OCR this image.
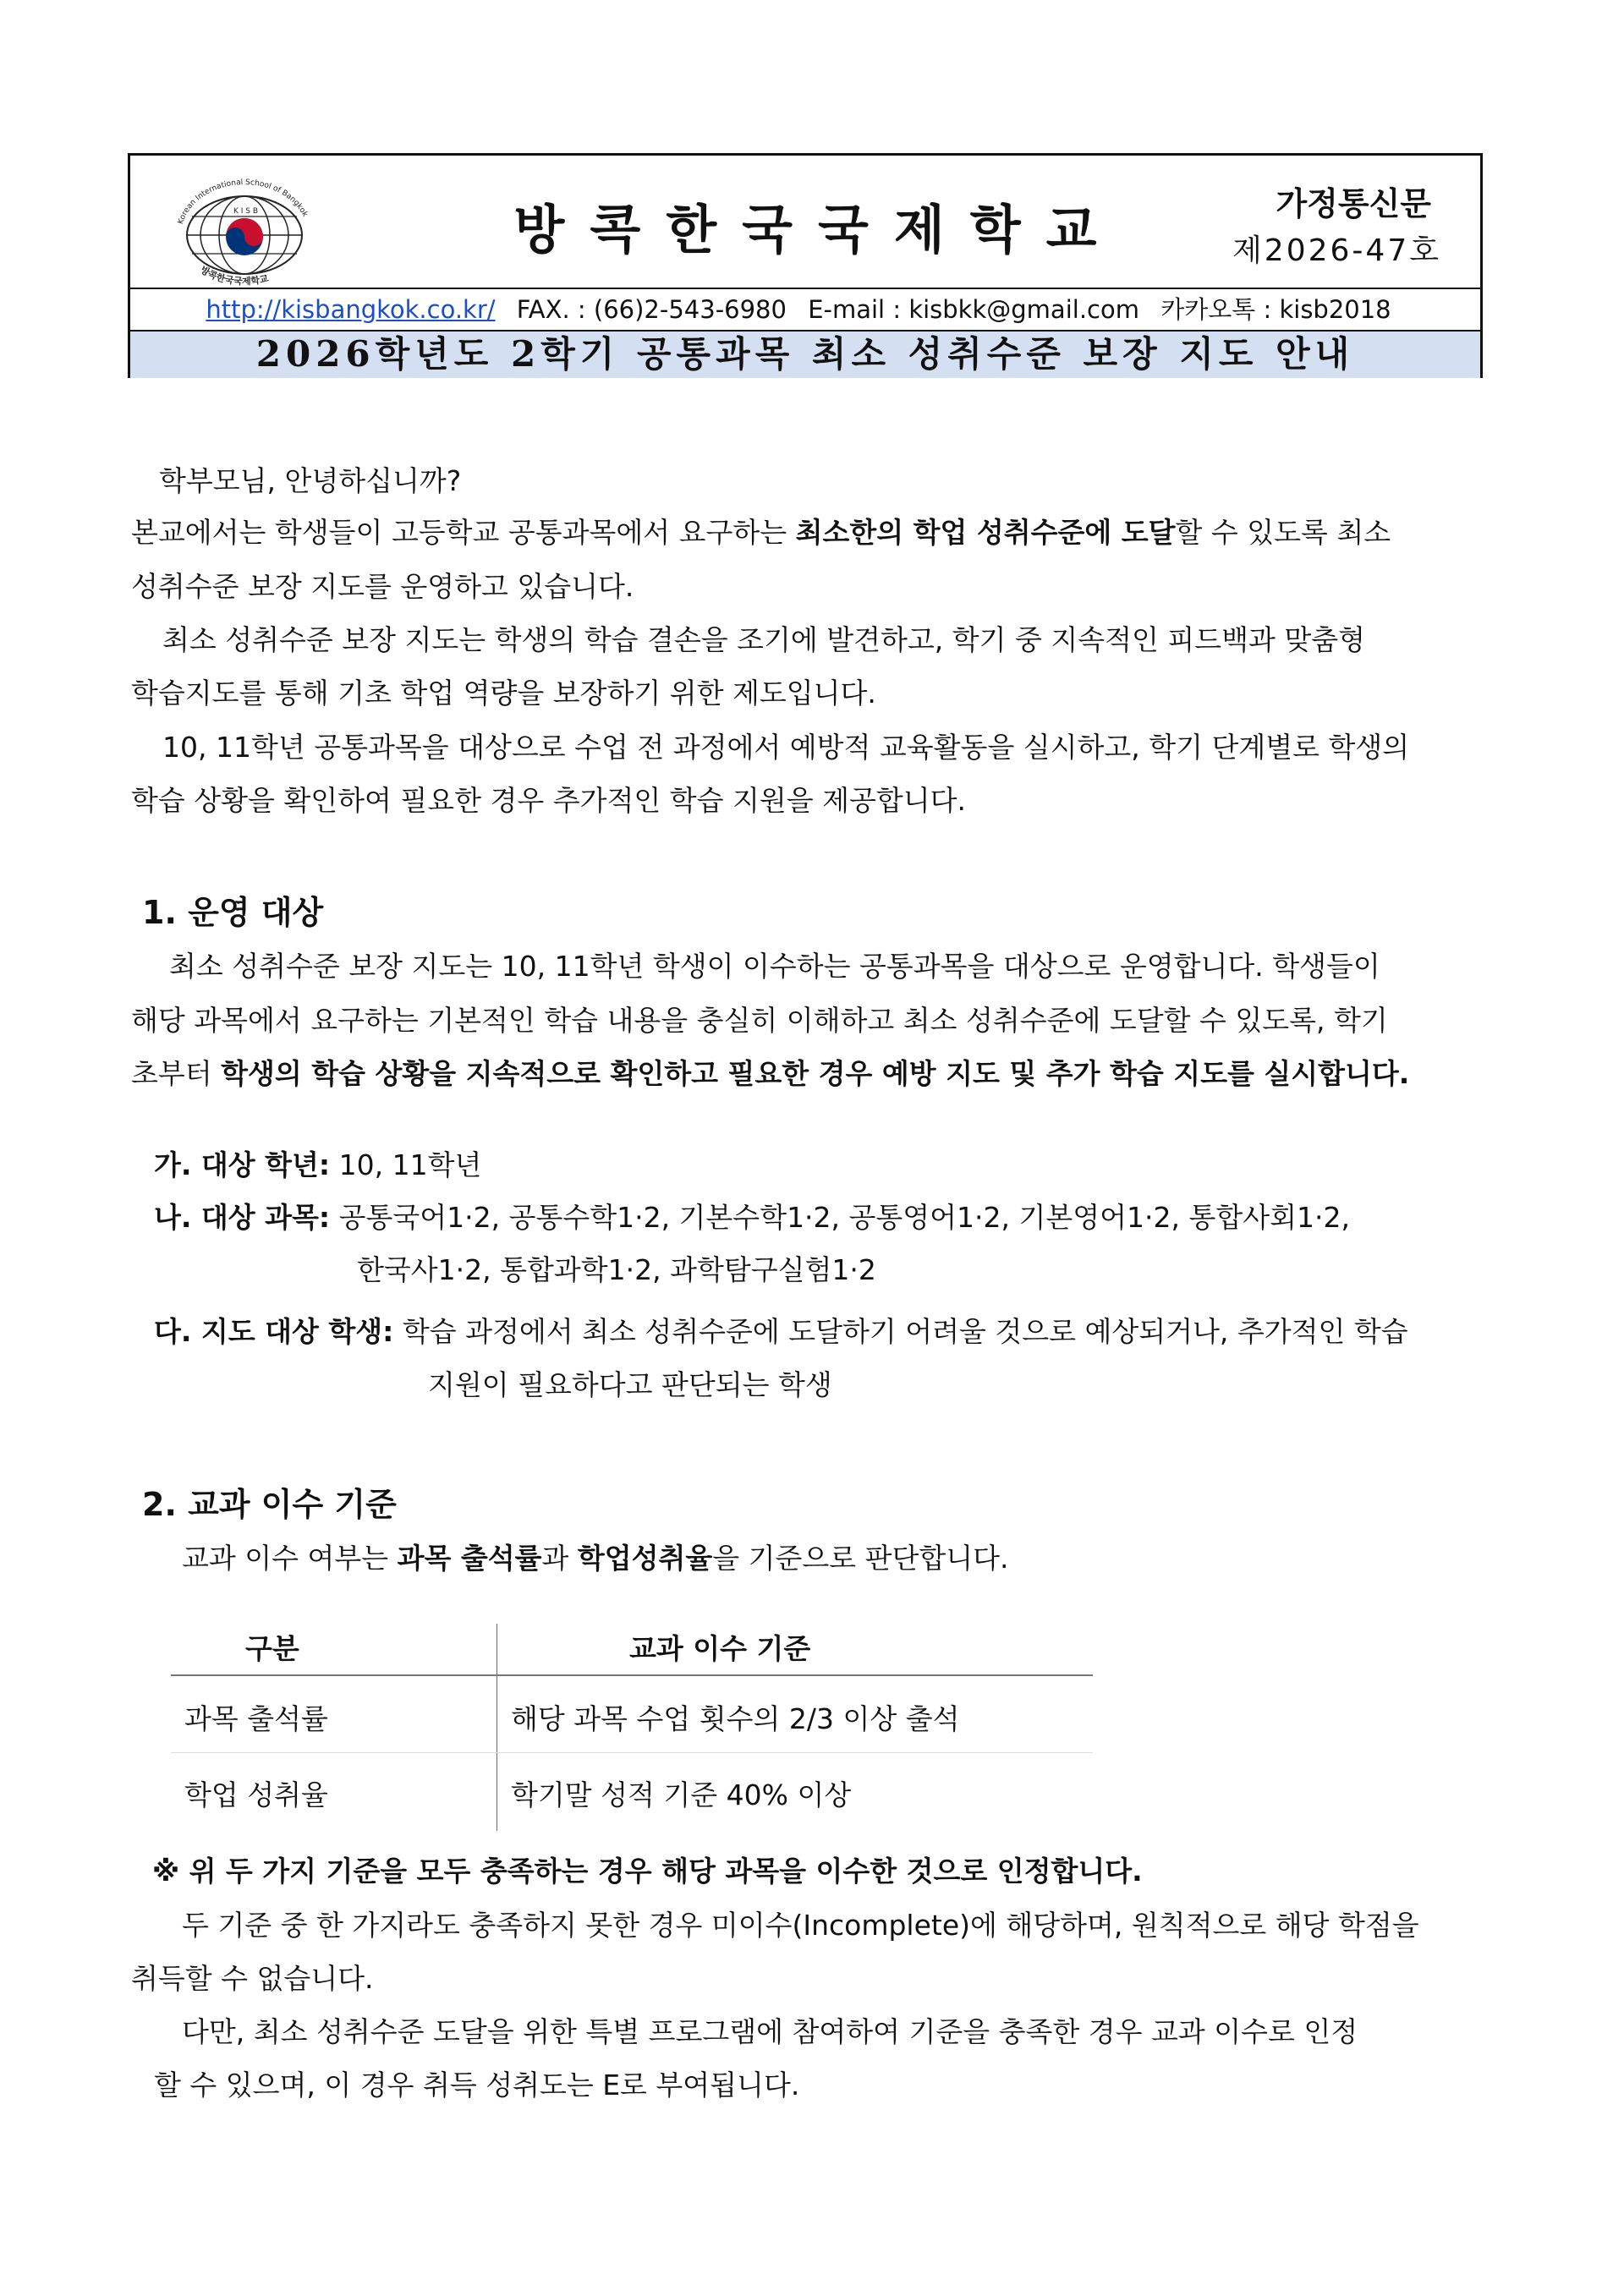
Korean International School of Bangkok
K I S B
방콕한국국제학교
방콕한국국제학교	가정통신문
제2026-47호
http://kisbangkok.co.kr/ FAX. : (66)2-543-6980 E-mail : kisbkk@gmail.com 카카오톡 : kisb2018
2026학년도 2학기 공통과목 최소 성취수준 보장 지도 안내
학부모님, 안녕하십니까?
본교에서는 학생들이 고등학교 공통과목에서 요구하는 최소한의 학업 성취수준에 도달할 수 있도록 최소
성취수준 보장 지도를 운영하고 있습니다.
최소 성취수준 보장 지도는 학생의 학습 결손을 조기에 발견하고, 학기 중 지속적인 피드백과 맞춤형
학습지도를 통해 기초 학업 역량을 보장하기 위한 제도입니다.
10, 11학년 공통과목을 대상으로 수업 전 과정에서 예방적 교육활동을 실시하고, 학기 단계별로 학생의
학습 상황을 확인하여 필요한 경우 추가적인 학습 지원을 제공합니다.
1. 운영 대상
최소 성취수준 보장 지도는 10, 11학년 학생이 이수하는 공통과목을 대상으로 운영합니다. 학생들이
해당 과목에서 요구하는 기본적인 학습 내용을 충실히 이해하고 최소 성취수준에 도달할 수 있도록, 학기
초부터 학생의 학습 상황을 지속적으로 확인하고 필요한 경우 예방 지도 및 추가 학습 지도를 실시합니다.
가. 대상 학년: 10, 11학년
나. 대상 과목: 공통국어1·2, 공통수학1·2, 기본수학1·2, 공통영어1·2, 기본영어1·2, 통합사회1·2,
한국사1·2, 통합과학1·2, 과학탐구실험1·2
다. 지도 대상 학생: 학습 과정에서 최소 성취수준에 도달하기 어려울 것으로 예상되거나, 추가적인 학습
지원이 필요하다고 판단되는 학생
2. 교과 이수 기준
교과 이수 여부는 과목 출석률과 학업성취율을 기준으로 판단합니다.
구분	교과 이수 기준
과목 출석률	해당 과목 수업 횟수의 2/3 이상 출석
학업 성취율	학기말 성적 기준 40% 이상
※ 위 두 가지 기준을 모두 충족하는 경우 해당 과목을 이수한 것으로 인정합니다.
두 기준 중 한 가지라도 충족하지 못한 경우 미이수(Incomplete)에 해당하며, 원칙적으로 해당 학점을
취득할 수 없습니다.
다만, 최소 성취수준 도달을 위한 특별 프로그램에 참여하여 기준을 충족한 경우 교과 이수로 인정
할 수 있으며, 이 경우 취득 성취도는 E로 부여됩니다.
